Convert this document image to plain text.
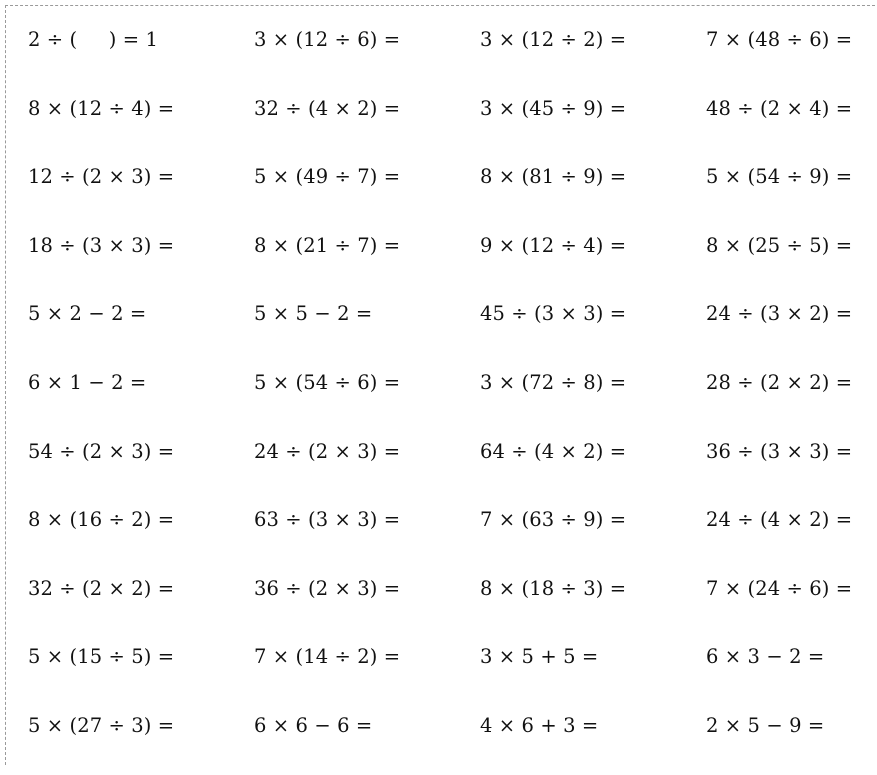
2 ÷ (     ) = 1	3 × (12 ÷ 6) =	3 × (12 ÷ 2) =	7 × (48 ÷ 6) =
8 × (12 ÷ 4) =	32 ÷ (4 × 2) =	3 × (45 ÷ 9) =	48 ÷ (2 × 4) =
12 ÷ (2 × 3) =	5 × (49 ÷ 7) =	8 × (81 ÷ 9) =	5 × (54 ÷ 9) =
18 ÷ (3 × 3) =	8 × (21 ÷ 7) =	9 × (12 ÷ 4) =	8 × (25 ÷ 5) =
5 × 2 − 2 =	5 × 5 − 2 =	45 ÷ (3 × 3) =	24 ÷ (3 × 2) =
6 × 1 − 2 =	5 × (54 ÷ 6) =	3 × (72 ÷ 8) =	28 ÷ (2 × 2) =
54 ÷ (2 × 3) =	24 ÷ (2 × 3) =	64 ÷ (4 × 2) =	36 ÷ (3 × 3) =
8 × (16 ÷ 2) =	63 ÷ (3 × 3) =	7 × (63 ÷ 9) =	24 ÷ (4 × 2) =
32 ÷ (2 × 2) =	36 ÷ (2 × 3) =	8 × (18 ÷ 3) =	7 × (24 ÷ 6) =
5 × (15 ÷ 5) =	7 × (14 ÷ 2) =	3 × 5 + 5 =	6 × 3 − 2 =
5 × (27 ÷ 3) =	6 × 6 − 6 =	4 × 6 + 3 =	2 × 5 − 9 =
